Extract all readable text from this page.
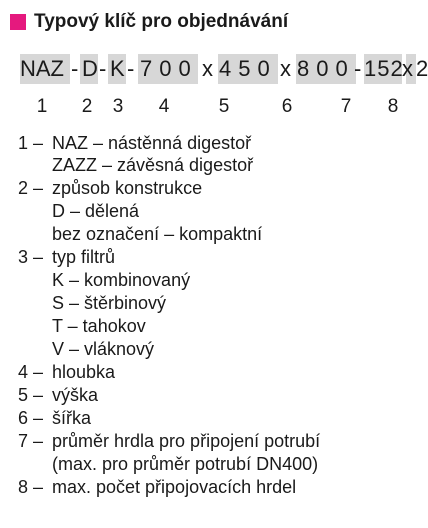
Typový klíč pro objednávání
NAZ - D - K - 700 x 450 x 800 - 152
x 2
1 2 3 4	5	6	7 8
1 – NAZ – nástěnná digestoř
ZAZZ – závěsná digestoř
2 – způsob konstrukce
D – dělená
bez označení – kompaktní
3 – typ filtrů
K – kombinovaný
S – štěrbinový
T – tahokov
V – vláknový
4 – hloubka
5 – výška
6 – šířka
7 – průměr hrdla pro připojení potrubí
(max. pro průměr potrubí DN400)
8 – max. počet připojovacích hrdel
